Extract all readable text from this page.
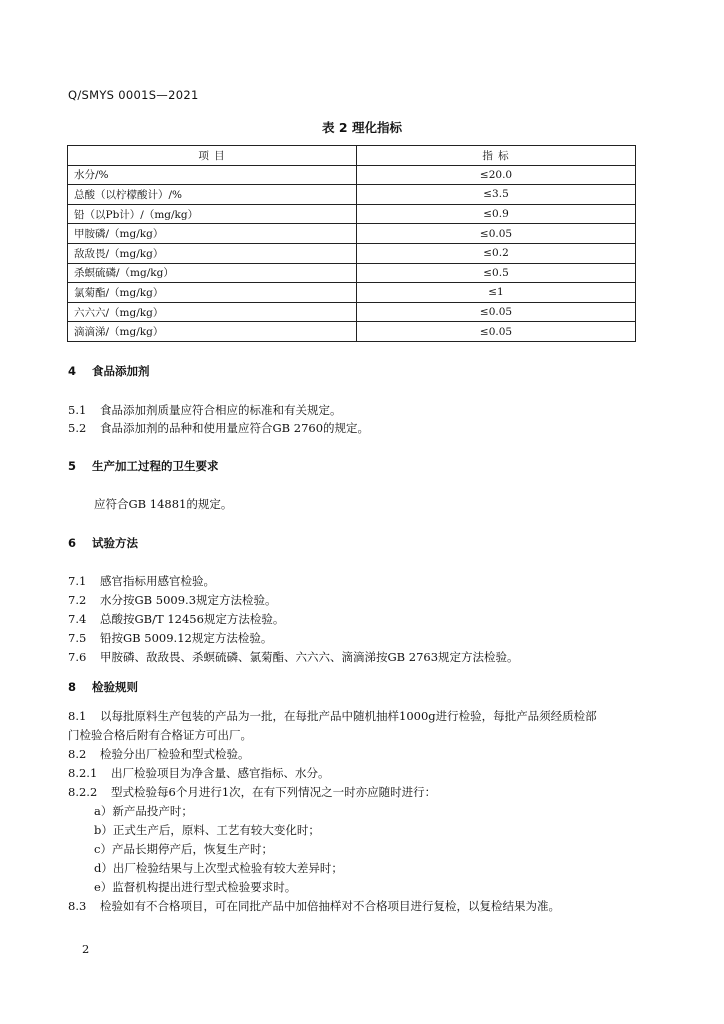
Q/SMYS 0001S—2021
表 2 理化指标
项 目	指 标
水分/%	≤20.0
总酸（以柠檬酸计）/%	≤3.5
铅（以Pb计）/（mg/kg）	≤0.9
甲胺磷/（mg/kg）	≤0.05
敌敌畏/（mg/kg）	≤0.2
杀螟硫磷/（mg/kg）	≤0.5
氯菊酯/（mg/kg）	≤1
六六六/（mg/kg）	≤0.05
滴滴涕/（mg/kg）	≤0.05
4 食品添加剂
5.1 食品添加剂质量应符合相应的标准和有关规定。
5.2 食品添加剂的品种和使用量应符合GB 2760的规定。
5 生产加工过程的卫生要求
应符合GB 14881的规定。
6 试验方法
7.1 感官指标用感官检验。
7.2 水分按GB 5009.3规定方法检验。
7.4 总酸按GB/T 12456规定方法检验。
7.5 铅按GB 5009.12规定方法检验。
7.6 甲胺磷、敌敌畏、杀螟硫磷、氯菊酯、六六六、滴滴涕按GB 2763规定方法检验。
8 检验规则
8.1 以每批原料生产包装的产品为一批，在每批产品中随机抽样1000g进行检验，每批产品须经质检部
门检验合格后附有合格证方可出厂。
8.2 检验分出厂检验和型式检验。
8.2.1 出厂检验项目为净含量、感官指标、水分。
8.2.2 型式检验每6个月进行1次，在有下列情况之一时亦应随时进行：
a）新产品投产时；
b）正式生产后，原料、工艺有较大变化时；
c）产品长期停产后，恢复生产时；
d）出厂检验结果与上次型式检验有较大差异时；
e）监督机构提出进行型式检验要求时。
8.3 检验如有不合格项目，可在同批产品中加倍抽样对不合格项目进行复检，以复检结果为准。
2
